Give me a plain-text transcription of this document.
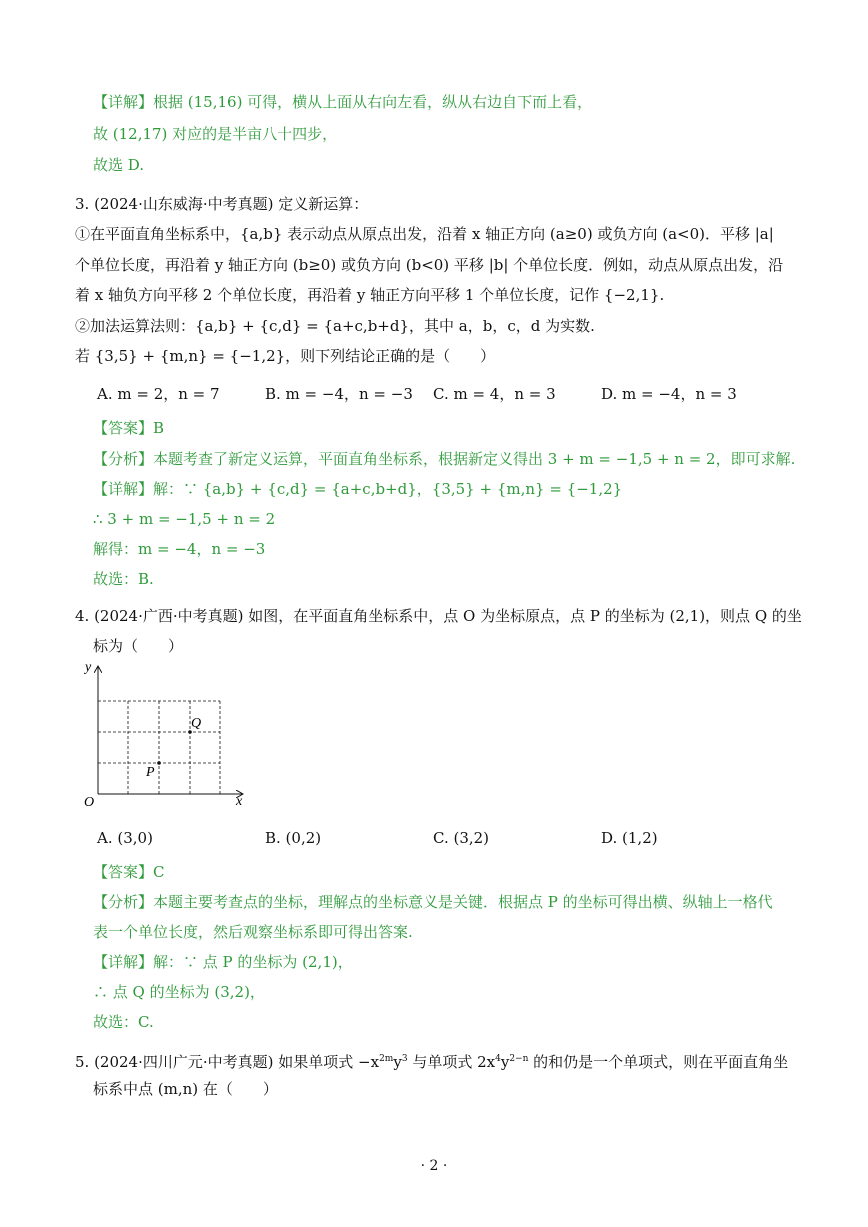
【详解】根据 (15,16) 可得，横从上面从右向左看，纵从右边自下而上看，
故 (12,17) 对应的是半亩八十四步，
故选 D.
3. (2024·山东威海·中考真题) 定义新运算：
①在平面直角坐标系中，{a,b} 表示动点从原点出发，沿着 x 轴正方向 (a≥0) 或负方向 (a<0)．平移 |a|
个单位长度，再沿着 y 轴正方向 (b≥0) 或负方向 (b<0) 平移 |b| 个单位长度．例如，动点从原点出发，沿
着 x 轴负方向平移 2 个单位长度，再沿着 y 轴正方向平移 1 个单位长度，记作 {−2,1}.
②加法运算法则：{a,b} + {c,d} = {a+c,b+d}，其中 a，b，c，d 为实数.
若 {3,5} + {m,n} = {−1,2}，则下列结论正确的是（　　）
A. m = 2，n = 7	B. m = −4，n = −3 C. m = 4，n = 3	D. m = −4，n = 3
【答案】B
【分析】本题考查了新定义运算，平面直角坐标系，根据新定义得出 3 + m = −1,5 + n = 2，即可求解.
【详解】解：∵ {a,b} + {c,d} = {a+c,b+d}，{3,5} + {m,n} = {−1,2}
∴ 3 + m = −1,5 + n = 2
解得：m = −4，n = −3
故选：B.
4. (2024·广西·中考真题) 如图，在平面直角坐标系中，点 O 为坐标原点，点 P 的坐标为 (2,1)，则点 Q 的坐
标为（　　）
y
x
O
P
Q
A. (3,0)	B. (0,2)	C. (3,2)	D. (1,2)
【答案】C
【分析】本题主要考查点的坐标，理解点的坐标意义是关键．根据点 P 的坐标可得出横、纵轴上一格代
表一个单位长度，然后观察坐标系即可得出答案.
【详解】解：∵ 点 P 的坐标为 (2,1)，
∴ 点 Q 的坐标为 (3,2)，
故选：C.
5. (2024·四川广元·中考真题) 如果单项式 $-x^{2m}y^3$ 与单项式 $2x^4y^{2-n}$ 的和仍是一个单项式，则在平面直角坐
标系中点 (m,n) 在（　　）
· 2 ·
